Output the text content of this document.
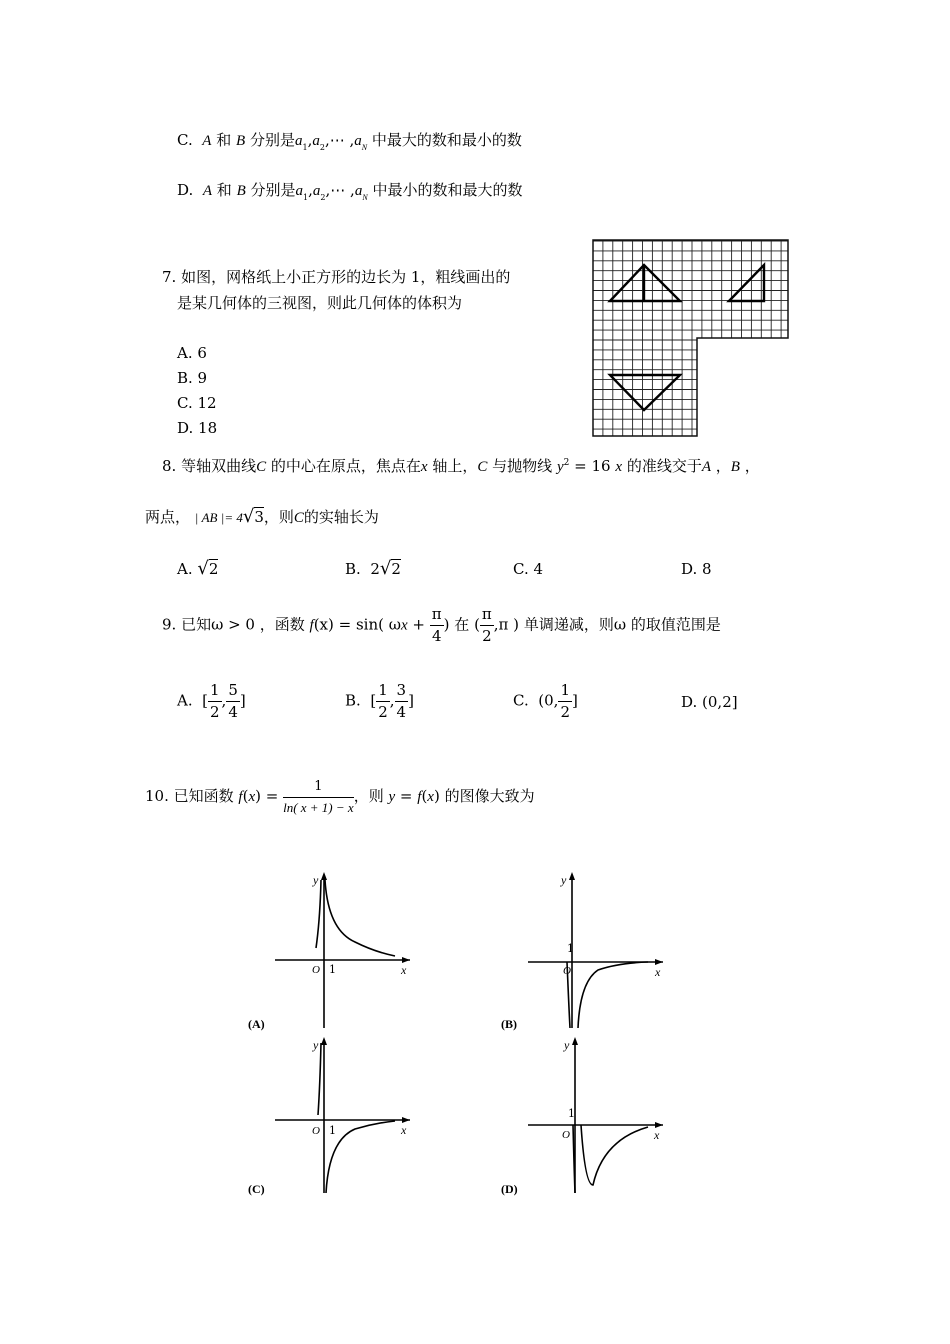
C. A 和 B 分别是$a_1,a_2,\cdots$ $,a_N$ 中最大的数和最小的数
D. A 和 B 分别是$a_1,a_2,\cdots$ $,a_N$ 中最小的数和最大的数
7. 如图，网格纸上小正方形的边长为 1，粗线画出的
是某几何体的三视图，则此几何体的体积为
A. 6
B. 9
C. 12
D. 18
8. 等轴双曲线C 的中心在原点，焦点在x 轴上，C 与抛物线 $y^2 = 16$ x 的准线交于A ，B ，
两点， | AB |= 4√3，则C的实轴长为
A. √2	B. 2√2	C. 4	D. 8
9. 已知ω > 0 ，函数 f(x) = sin( $\omega x + \frac{\pi}{4}$ ) 在 ( $\frac{\pi}{2} ,\pi$ ) 单调递减，则ω 的取值范围是
A.  [ $\frac{1}{2}$ , $\frac{5}{4}$ ]	B.  [ $\frac{1}{2}$ , $\frac{3}{4}$ ]	C. (0, $\frac{1}{2}$ ]	D. (0,2]
10. 已知函数 $f(x) = \frac{1}{\ln( x + 1) - x}$ ，则 y = f(x) 的图像大致为
y
x
O 1
(A)
y
x
O
1
(B)
y
x
O 1
(C)
y
x
O
1
(D)
